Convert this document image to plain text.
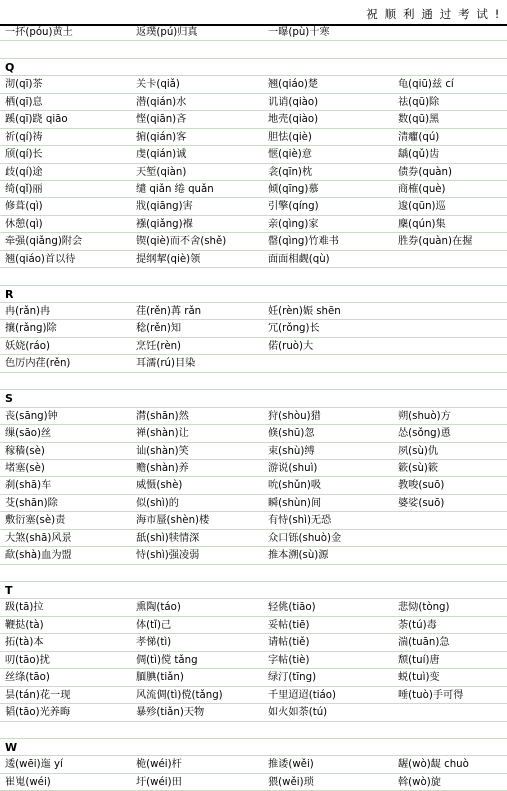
祝 顺 利 通 过 考 试 !
一抔(póu)黄土	返璞(pú)归真	一曝(pù)十寒
Q
沏(qī)茶	关卡(qiǎ)	翘(qiáo)楚	龟(qiū)兹 cí
栖(qī)息	潜(qián)水	讥诮(qiào)	祛(qū)除
蹊(qī)跷 qiāo	悭(qiān)吝	地壳(qiào)	数(qū)黑
祈(qí)祷	掮(qián)客	胆怯(qiè)	清癯(qú)
颀(qí)长	虔(qián)诚	惬(qiè)意	龋(qǔ)齿
歧(qí)途	天堑(qiàn)	衾(qīn)枕	债券(quàn)
绮(qǐ)丽	缱 qiǎn 绻 quǎn	倾(qīng)慕	商榷(què)
修葺(qì)	戕(qiāng)害	引擎(qíng)	逡(qūn)巡
休憩(qì)	襁(qiǎng)褓	亲(qìng)家	麇(qún)集
牵强(qiǎng)附会	锲(qiè)而不舍(shě)	罄(qìng)竹难书	胜券(quàn)在握
翘(qiáo)首以待	提纲挈(qiè)领	面面相觑(qù)
R
冉(rǎn)冉	荏(rěn)苒 rǎn	妊(rèn)娠 shēn
攘(rǎng)除	稔(rěn)知	冗(rǒng)长
妖娆(ráo)	烹饪(rèn)	偌(ruò)大
色厉内荏(rěn)	耳濡(rú)目染
S
丧(sāng)钟	潸(shān)然	狩(shòu)猎	朔(shuò)方
缫(sāo)丝	禅(shàn)让	倏(shū)忽	怂(sǒng)恿
稼穑(sè)	讪(shàn)笑	束(shù)缚	夙(sù)仇
堵塞(sè)	赡(shàn)养	游说(shuì)	簌(sù)簌
刹(shā)车	威慑(shè)	吮(shǔn)吸	教唆(suō)
芟(shān)除	似(shì)的	瞬(shùn)间	婆娑(suō)
敷衍塞(sè)责	海市蜃(shèn)楼	有恃(shì)无恐
大煞(shā)风景	舐(shì)犊情深	众口铄(shuò)金
歃(shà)血为盟	恃(shì)强凌弱	推本溯(sù)源
T
趿(tā)拉	熏陶(táo)	轻佻(tiāo)	悲恸(tòng)
鞭挞(tà)	体(tǐ)己	妥帖(tiē)	荼(tú)毒
拓(tà)本	孝悌(tì)	请帖(tiě)	湍(tuān)急
叨(tāo)扰	倜(tì)傥 tǎng	字帖(tiè)	颓(tuí)唐
丝绦(tāo)	腼腆(tiǎn)	绿汀(tīng)	蜕(tuì)变
昙(tán)花一现	风流倜(tì)傥(tǎng)	千里迢迢(tiáo)	唾(tuò)手可得
韬(tāo)光养晦	暴殄(tiǎn)天物	如火如荼(tú)
W
逶(wēi)迤 yí	桅(wéi)杆	推诿(wěi)	龌(wò)龊 chuò
崔嵬(wéi)	圩(wéi)田	猥(wěi)琐	斡(wò)旋
